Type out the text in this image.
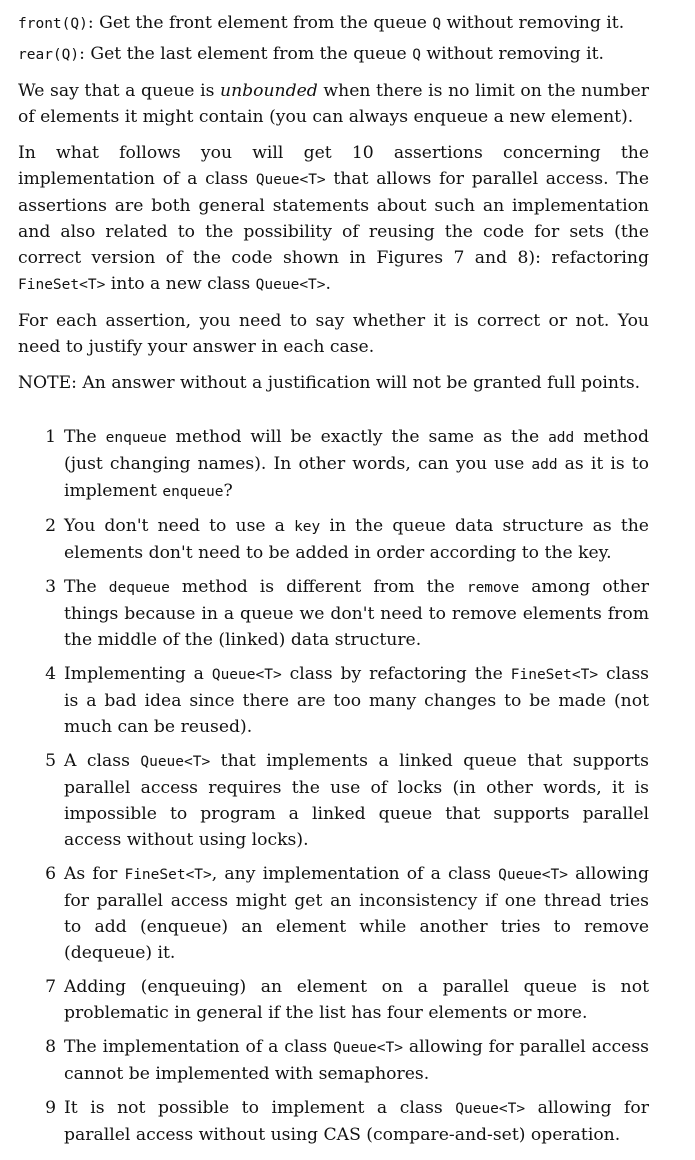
front(Q): Get the front element from the queue Q without removing it.

rear(Q): Get the last element from the queue Q without removing it.

We say that a queue is unbounded when there is no limit on the number of elements it might contain (you can always enqueue a new element).

In what follows you will get 10 assertions concerning the implementation of a class Queue<T> that allows for parallel access. The assertions are both general statements about such an implementation and also related to the possibility of reusing the code for sets (the correct version of the code shown in Figures 7 and 8): refactoring FineSet<T> into a new class Queue<T>.

For each assertion, you need to say whether it is correct or not. You need to justify your answer in each case.

NOTE: An answer without a justification will not be granted full points.

1 The enqueue method will be exactly the same as the add method (just changing names). In other words, can you use add as it is to implement enqueue?
2 You don't need to use a key in the queue data structure as the elements don't need to be added in order according to the key.
3 The dequeue method is different from the remove among other things because in a queue we don't need to remove elements from the middle of the (linked) data structure.
4 Implementing a Queue<T> class by refactoring the FineSet<T> class is a bad idea since there are too many changes to be made (not much can be reused).
5 A class Queue<T> that implements a linked queue that supports parallel access requires the use of locks (in other words, it is impossible to program a linked queue that supports parallel access without using locks).
6 As for FineSet<T>, any implementation of a class Queue<T> allowing for parallel access might get an inconsistency if one thread tries to add (enqueue) an element while another tries to remove (dequeue) it.
7 Adding (enqueuing) an element on a parallel queue is not problematic in general if the list has four elements or more.
8 The implementation of a class Queue<T> allowing for parallel access cannot be implemented with semaphores.
9 It is not possible to implement a class Queue<T> allowing for parallel access without using CAS (compare-and-set) operation.
